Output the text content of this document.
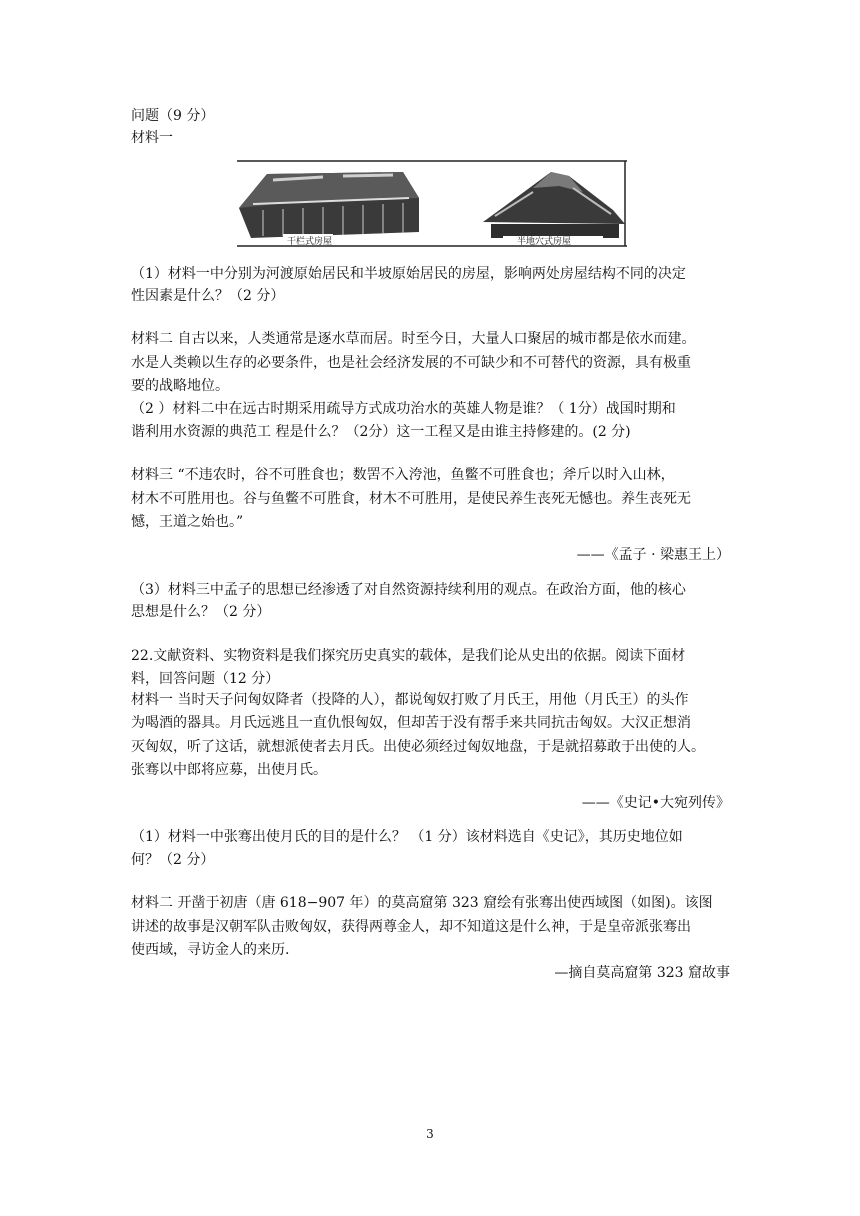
问题（9 分）
材料一
干栏式房屋	半地穴式房屋
（1）材料一中分别为河渡原始居民和半坡原始居民的房屋，影响两处房屋结构不同的决定
性因素是什么？（2 分）
材料二 自古以来，人类通常是逐水草而居。时至今日，大量人口聚居的城市都是依水而建。
水是人类赖以生存的必要条件，也是社会经济发展的不可缺少和不可替代的资源，具有极重
要的战略地位。
（2 ）材料二中在远古时期采用疏导方式成功治水的英雄人物是谁？（ 1分）战国时期和
谐利用水资源的典范工 程是什么？（2分）这一工程又是由谁主持修建的。(2 分)
材料三 “不违农时，谷不可胜食也；数罟不入洿池，鱼鳖不可胜食也；斧斤以时入山林，
材木不可胜用也。谷与鱼鳖不可胜食，材木不可胜用，是使民养生丧死无憾也。养生丧死无
憾，王道之始也。”
——《孟子 · 梁惠王上）
（3）材料三中孟子的思想已经渗透了对自然资源持续利用的观点。在政治方面，他的核心
思想是什么？（2 分）
22.文献资料、实物资料是我们探究历史真实的载体，是我们论从史出的依据。阅读下面材
料，回答问题（12 分）
材料一 当时天子问匈奴降者（投降的人），都说匈奴打败了月氏王，用他（月氏王）的头作
为喝酒的器具。月氏远逃且一直仇恨匈奴，但却苦于没有帮手来共同抗击匈奴。大汉正想消
灭匈奴，听了这话，就想派使者去月氏。出使必须经过匈奴地盘，于是就招募敢于出使的人。
张骞以中郎将应募，出使月氏。
——《史记•大宛列传》
（1）材料一中张骞出使月氏的目的是什么？ （1 分）该材料选自《史记》，其历史地位如
何？（2 分）
材料二 开凿于初唐（唐 618−907 年）的莫高窟第 323 窟绘有张骞出使西域图（如图)。该图
讲述的故事是汉朝军队击败匈奴，获得两尊金人，却不知道这是什么神，于是皇帝派张骞出
使西域，寻访金人的来历.
—摘自莫高窟第 323 窟故事
3
